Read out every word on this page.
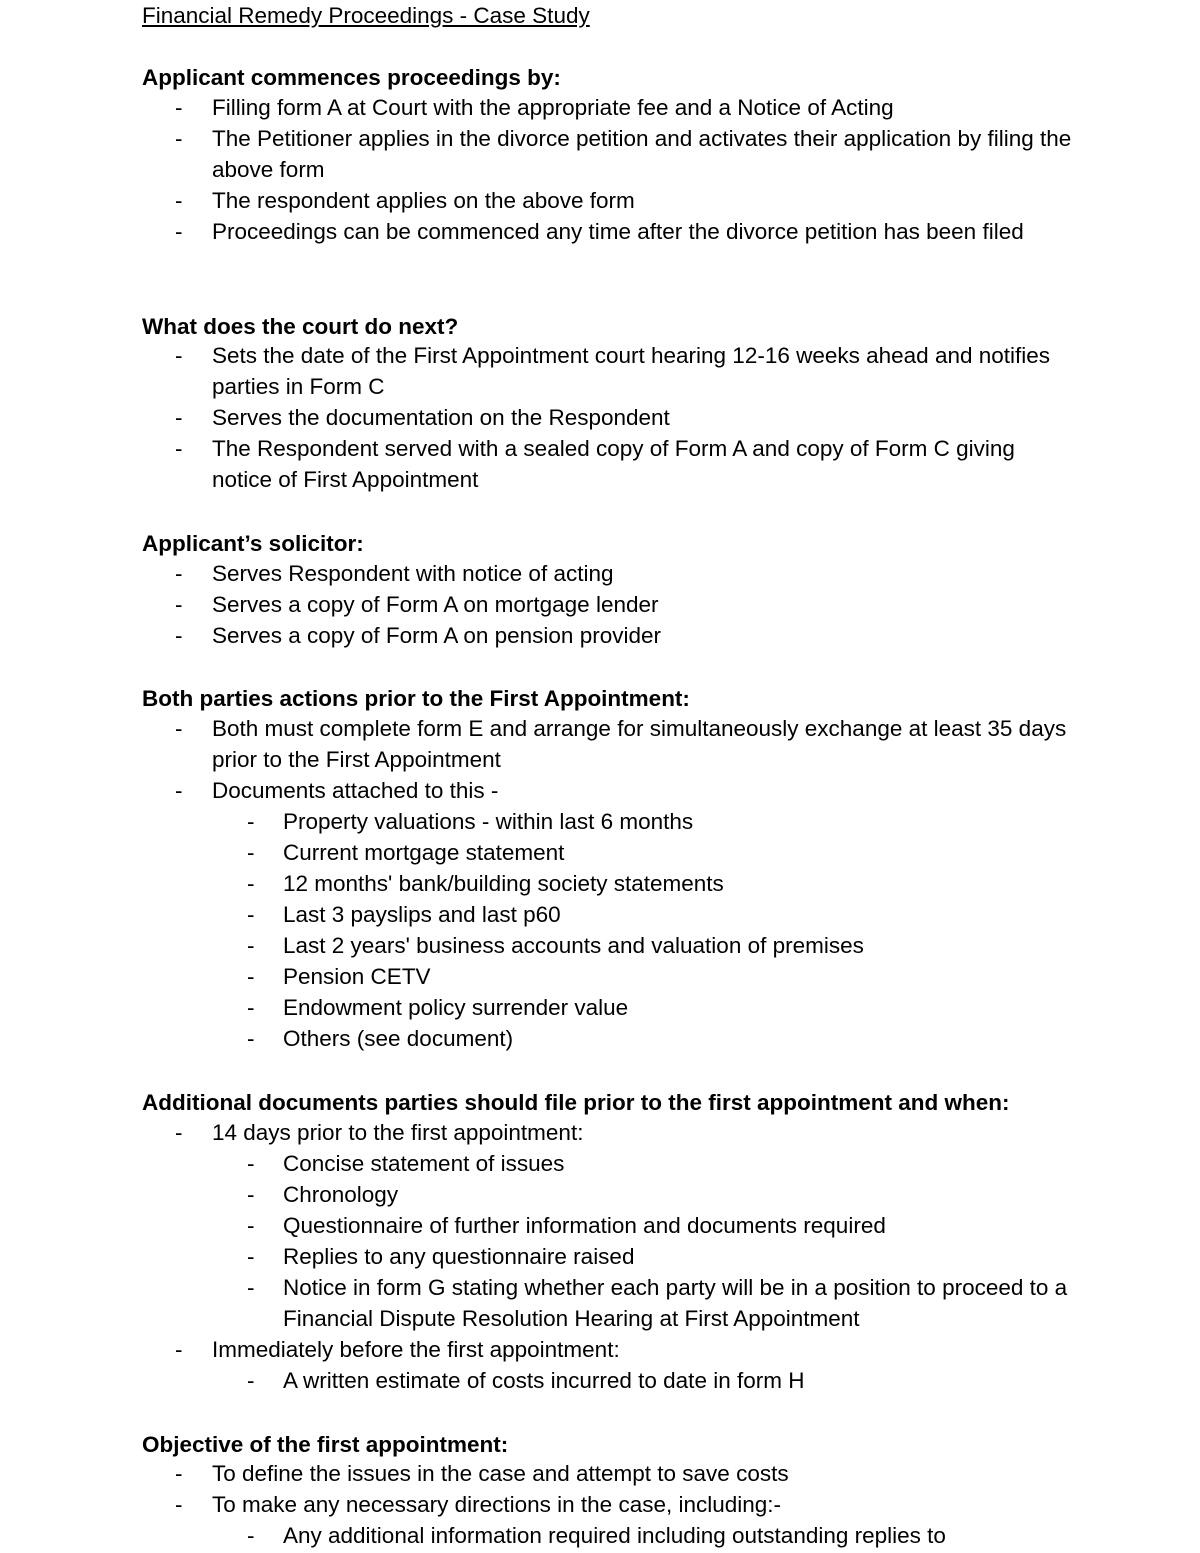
Financial Remedy Proceedings - Case Study
Applicant commences proceedings by:
- Filling form A at Court with the appropriate fee and a Notice of Acting
- The Petitioner applies in the divorce petition and activates their application by filing the above form
- The respondent applies on the above form
- Proceedings can be commenced any time after the divorce petition has been filed
What does the court do next?
- Sets the date of the First Appointment court hearing 12-16 weeks ahead and notifies parties in Form C
- Serves the documentation on the Respondent
- The Respondent served with a sealed copy of Form A and copy of Form C giving notice of First Appointment
Applicant’s solicitor:
- Serves Respondent with notice of acting
- Serves a copy of Form A on mortgage lender
- Serves a copy of Form A on pension provider
Both parties actions prior to the First Appointment:
- Both must complete form E and arrange for simultaneously exchange at least 35 days prior to the First Appointment
- Documents attached to this -
- Property valuations - within last 6 months
- Current mortgage statement
- 12 months' bank/building society statements
- Last 3 payslips and last p60
- Last 2 years' business accounts and valuation of premises
- Pension CETV
- Endowment policy surrender value
- Others (see document)
Additional documents parties should file prior to the first appointment and when:
- 14 days prior to the first appointment:
- Concise statement of issues
- Chronology
- Questionnaire of further information and documents required
- Replies to any questionnaire raised
- Notice in form G stating whether each party will be in a position to proceed to a Financial Dispute Resolution Hearing at First Appointment
- Immediately before the first appointment:
- A written estimate of costs incurred to date in form H
Objective of the first appointment:
- To define the issues in the case and attempt to save costs
- To make any necessary directions in the case, including:-
- Any additional information required including outstanding replies to
